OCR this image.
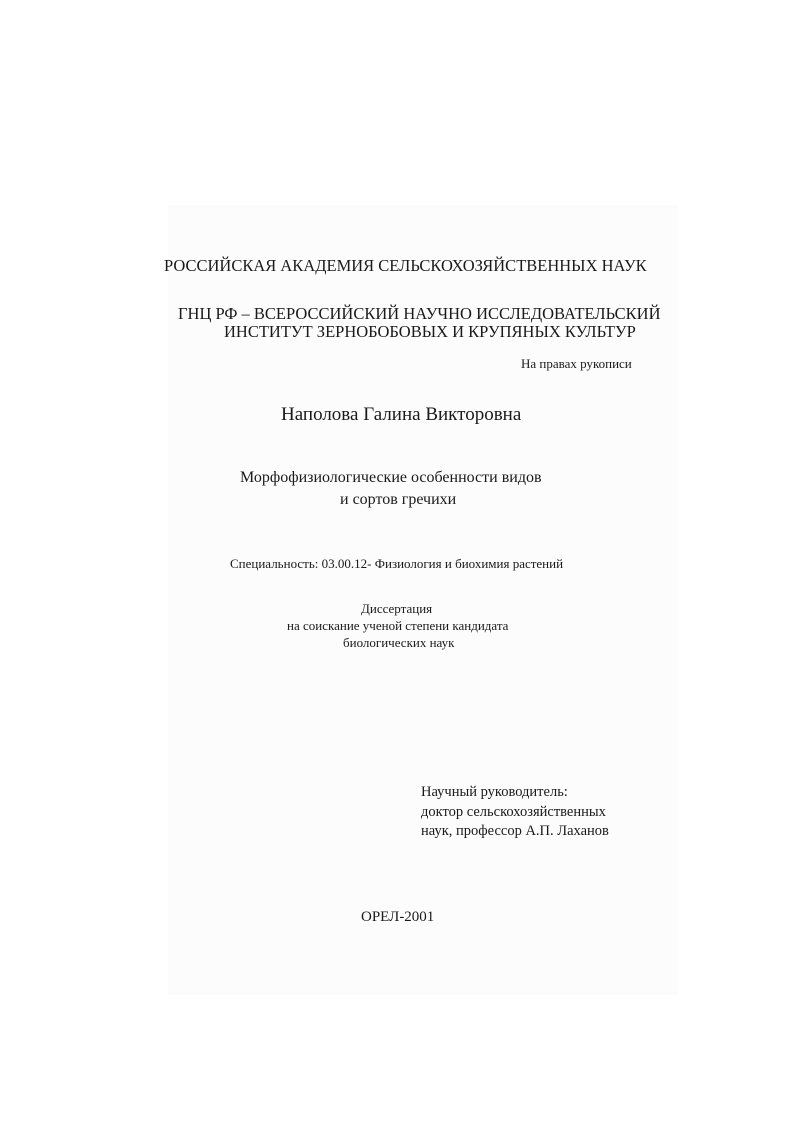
РОССИЙСКАЯ АКАДЕМИЯ СЕЛЬСКОХОЗЯЙСТВЕННЫХ НАУК
ГНЦ РФ – ВСЕРОССИЙСКИЙ НАУЧНО ИССЛЕДОВАТЕЛЬСКИЙ
ИНСТИТУТ ЗЕРНОБОБОВЫХ И КРУПЯНЫХ КУЛЬТУР
На правах рукописи
Наполова Галина Викторовна
Морфофизиологические особенности видов
и сортов гречихи
Специальность: 03.00.12- Физиология и биохимия растений
Диссертация
на соискание ученой степени кандидата
биологических наук
Научный руководитель:
доктор сельскохозяйственных
наук, профессор А.П. Лаханов
ОРЕЛ-2001
